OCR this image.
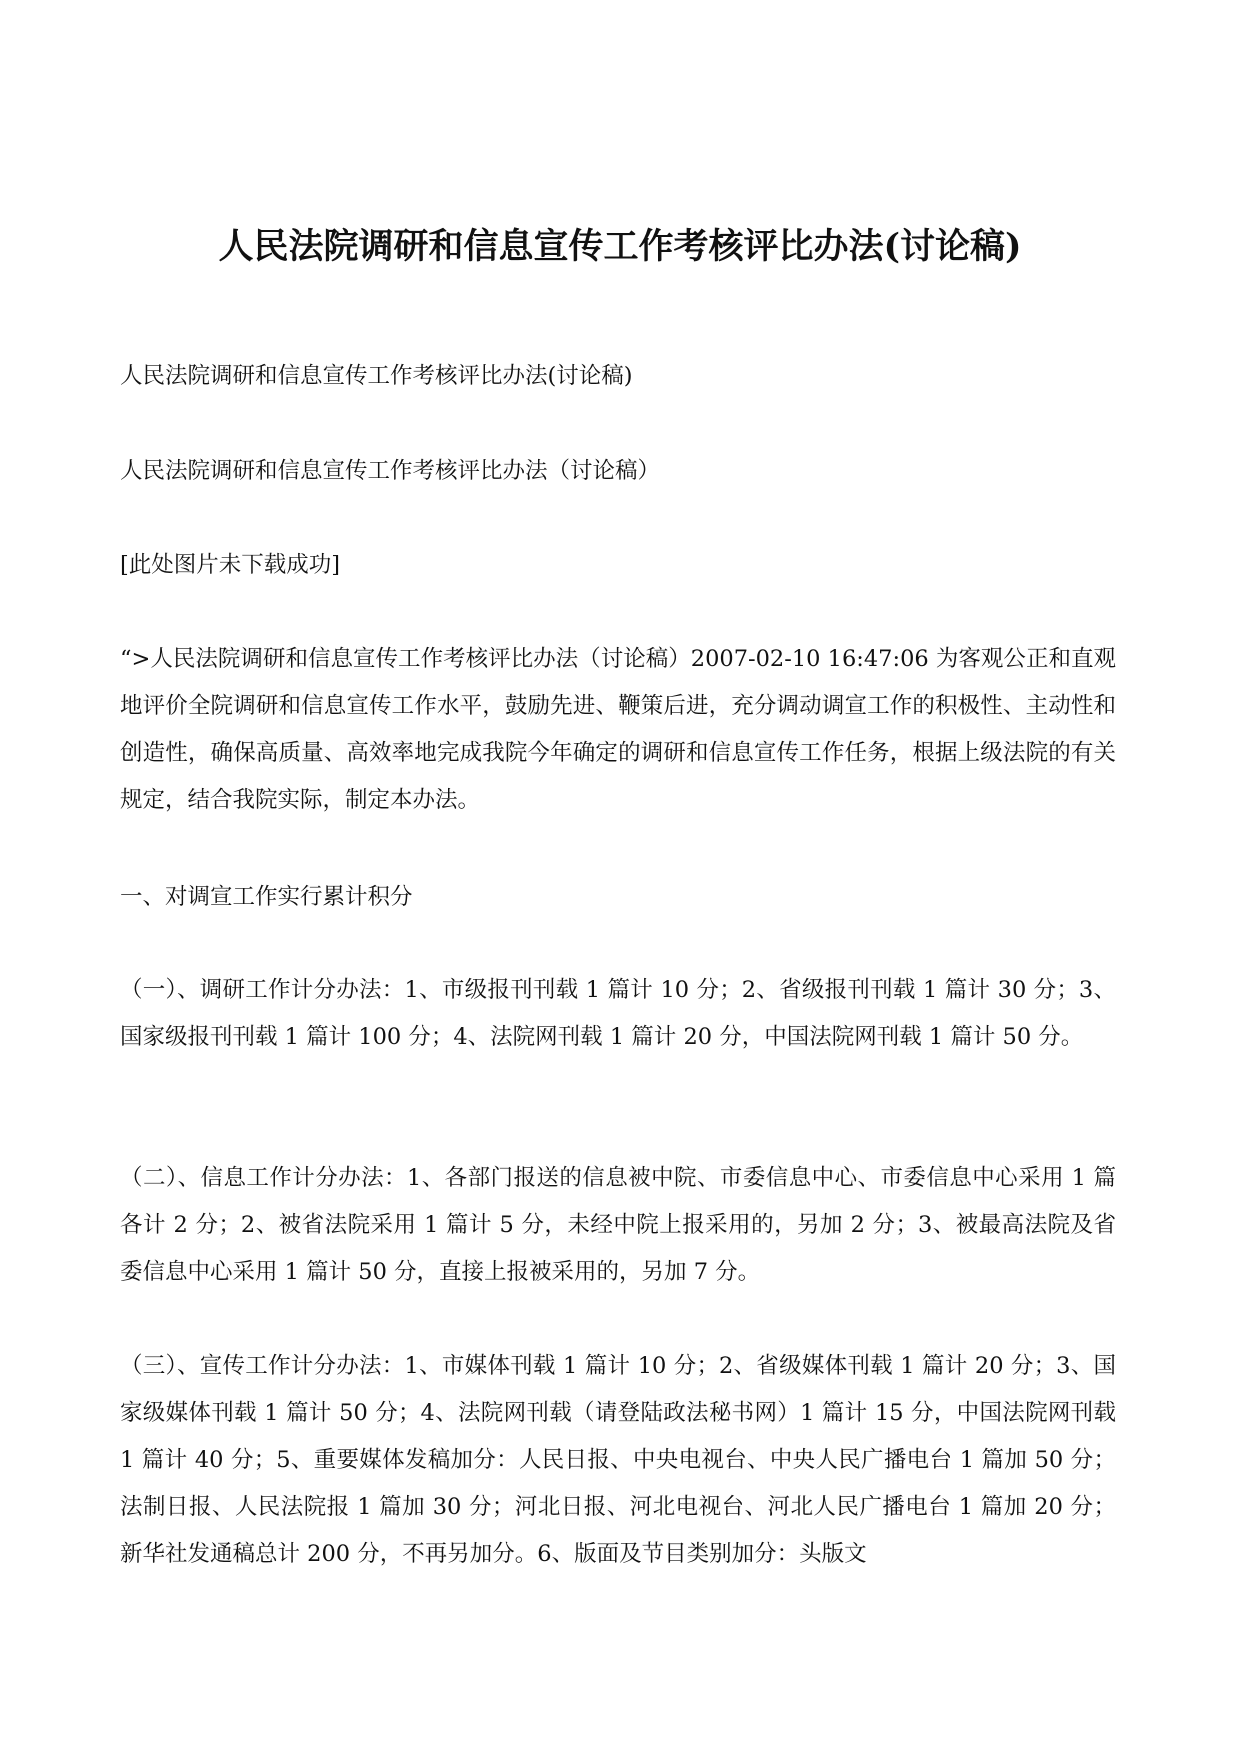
人民法院调研和信息宣传工作考核评比办法(讨论稿)

人民法院调研和信息宣传工作考核评比办法(讨论稿)

人民法院调研和信息宣传工作考核评比办法（讨论稿）

[此处图片未下载成功]

“>人民法院调研和信息宣传工作考核评比办法（讨论稿）2007-02-10 16:47:06 为客观公正和直观地评价全院调研和信息宣传工作水平，鼓励先进、鞭策后进，充分调动调宣工作的积极性、主动性和创造性，确保高质量、高效率地完成我院今年确定的调研和信息宣传工作任务，根据上级法院的有关规定，结合我院实际，制定本办法。

一、对调宣工作实行累计积分

（一）、调研工作计分办法：1、市级报刊刊载 1 篇计 10 分；2、省级报刊刊载 1 篇计 30 分；3、国家级报刊刊载 1 篇计 100 分；4、法院网刊载 1 篇计 20 分，中国法院网刊载 1 篇计 50 分。

（二）、信息工作计分办法：1、各部门报送的信息被中院、市委信息中心、市委信息中心采用 1 篇各计 2 分；2、被省法院采用 1 篇计 5 分，未经中院上报采用的，另加 2 分；3、被最高法院及省委信息中心采用 1 篇计 50 分，直接上报被采用的，另加 7 分。

（三）、宣传工作计分办法：1、市媒体刊载 1 篇计 10 分；2、省级媒体刊载 1 篇计 20 分；3、国家级媒体刊载 1 篇计 50 分；4、法院网刊载（请登陆政法秘书网）1 篇计 15 分，中国法院网刊载 1 篇计 40 分；5、重要媒体发稿加分：人民日报、中央电视台、中央人民广播电台 1 篇加 50 分；法制日报、人民法院报 1 篇加 30 分；河北日报、河北电视台、河北人民广播电台 1 篇加 20 分；新华社发通稿总计 200 分，不再另加分。6、版面及节目类别加分：头版文
